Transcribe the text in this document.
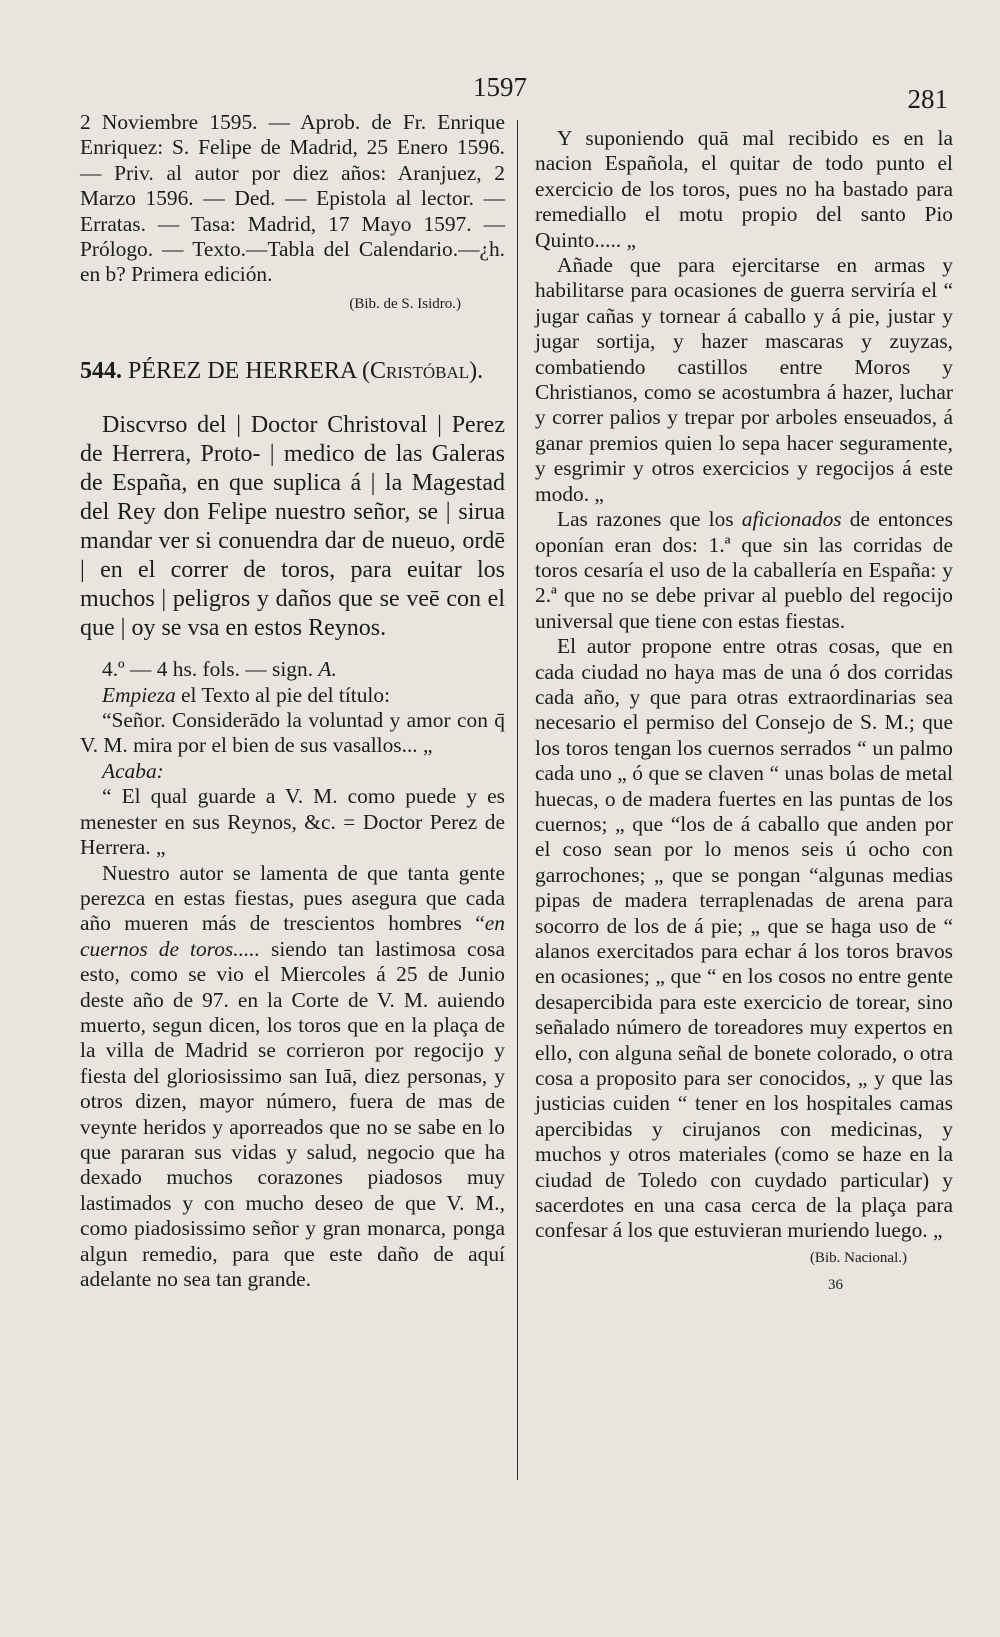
1597	281

2 Noviembre 1595. — Aprob. de Fr. Enrique Enriquez: S. Felipe de Madrid, 25 Enero 1596. — Priv. al autor por diez años: Aranjuez, 2 Marzo 1596. — Ded. — Epistola al lector. — Erratas. — Tasa: Madrid, 17 Mayo 1597. — Prólogo. — Texto.—Tabla del Calendario.—¿h. en b? Primera edición.

(Bib. de S. Isidro.)

544. PÉREZ DE HERRERA (Cristóbal).

Discvrso del | Doctor Christoval | Perez de Herrera, Proto- | medico de las Galeras de España, en que suplica á | la Magestad del Rey don Felipe nuestro señor, se | sirua mandar ver si conuendra dar de nueuo, ordē | en el correr de toros, para euitar los muchos | peligros y daños que se veē con el que | oy se vsa en estos Reynos.

4.º — 4 hs. fols. — sign. A.

Empieza el Texto al pie del título:

“Señor. Considerādo la voluntad y amor con q̄ V. M. mira por el bien de sus vasallos... „

Acaba:

“ El qual guarde a V. M. como puede y es menester en sus Reynos, &c. = Doctor Perez de Herrera. „

Nuestro autor se lamenta de que tanta gente perezca en estas fiestas, pues asegura que cada año mueren más de trescientos hombres “en cuernos de toros..... siendo tan lastimosa cosa esto, como se vio el Miercoles á 25 de Junio deste año de 97. en la Corte de V. M. auiendo muerto, segun dicen, los toros que en la plaça de la villa de Madrid se corrieron por regocijo y fiesta del gloriosissimo san Iuā, diez personas, y otros dizen, mayor número, fuera de mas de veynte heridos y aporreados que no se sabe en lo que pararan sus vidas y salud, negocio que ha dexado muchos corazones piadosos muy lastimados y con mucho deseo de que V. M., como piadosissimo señor y gran monarca, ponga algun remedio, para que este daño de aquí adelante no sea tan grande.

Y suponiendo quā mal recibido es en la nacion Española, el quitar de todo punto el exercicio de los toros, pues no ha bastado para remediallo el motu propio del santo Pio Quinto..... „

Añade que para ejercitarse en armas y habilitarse para ocasiones de guerra serviría el “ jugar cañas y tornear á caballo y á pie, justar y jugar sortija, y hazer mascaras y zuyzas, combatiendo castillos entre Moros y Christianos, como se acostumbra á hazer, luchar y correr palios y trepar por arboles enseuados, á ganar premios quien lo sepa hacer seguramente, y esgrimir y otros exercicios y regocijos á este modo. „

Las razones que los aficionados de entonces oponían eran dos: 1.ª que sin las corridas de toros cesaría el uso de la caballería en España: y 2.ª que no se debe privar al pueblo del regocijo universal que tiene con estas fiestas.

El autor propone entre otras cosas, que en cada ciudad no haya mas de una ó dos corridas cada año, y que para otras extraordinarias sea necesario el permiso del Consejo de S. M.; que los toros tengan los cuernos serrados “ un palmo cada uno „ ó que se claven “ unas bolas de metal huecas, o de madera fuertes en las puntas de los cuernos; „ que “los de á caballo que anden por el coso sean por lo menos seis ú ocho con garrochones; „ que se pongan “algunas medias pipas de madera terraplenadas de arena para socorro de los de á pie; „ que se haga uso de “ alanos exercitados para echar á los toros bravos en ocasiones; „ que “ en los cosos no entre gente desapercibida para este exercicio de torear, sino señalado número de toreadores muy expertos en ello, con alguna señal de bonete colorado, o otra cosa a proposito para ser conocidos, „ y que las justicias cuiden “ tener en los hospitales camas apercibidas y cirujanos con medicinas, y muchos y otros materiales (como se haze en la ciudad de Toledo con cuydado particular) y sacerdotes en una casa cerca de la plaça para confesar á los que estuvieran muriendo luego. „

(Bib. Nacional.)

36
